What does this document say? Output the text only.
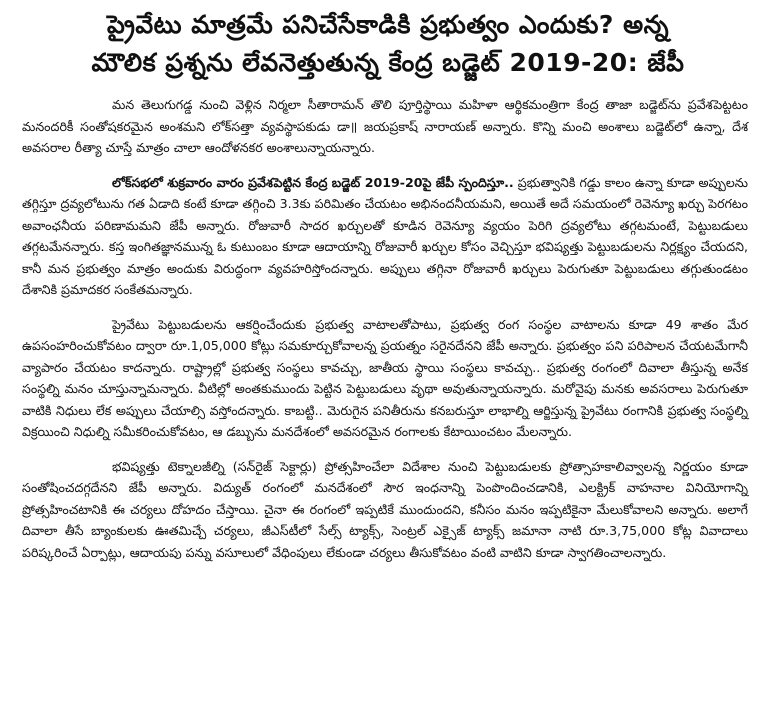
ప్రైవేటు మాత్రమే పనిచేసేకాడికి ప్రభుత్వం ఎందుకు? అన్న
మౌలిక ప్రశ్నను లేవనెత్తుతున్న కేంద్ర బడ్జెట్ 2019-20: జేపీ

మన తెలుగుగడ్డ నుంచి వెళ్లిన నిర్మలా సీతారామన్ తొలి పూర్తిస్థాయి మహిళా ఆర్థికమంత్రిగా కేంద్ర తాజా బడ్జెట్‌ను ప్రవేశపెట్టటం మనందరికీ సంతోషకరమైన అంశమని లోక్‌సత్తా వ్యవస్థాపకుడు డా॥ జయప్రకాష్ నారాయణ్ అన్నారు. కొన్ని మంచి అంశాలు బడ్జెట్‌లో ఉన్నా, దేశ అవసరాల రీత్యా చూస్తే మాత్రం చాలా ఆందోళనకర అంశాలున్నాయన్నారు.

లోక్‌సభలో శుక్రవారం వారం ప్రవేశపెట్టిన కేంద్ర బడ్జెట్ 2019-20పై జేపీ స్పందిస్తూ.. ప్రభుత్వానికి గడ్డు కాలం ఉన్నా కూడా అప్పులను తగ్గిస్తూ ద్రవ్యలోటును గత ఏడాది కంటే కూడా తగ్గించి 3.3కు పరిమితం చేయటం అభినందనీయమని, అయితే అదే సమయంలో రెవెన్యూ ఖర్చు పెరగటం అవాంఛనీయ పరిణామమని జేపీ అన్నారు. రోజువారీ సాదర ఖర్చులతో కూడిన రెవెన్యూ వ్యయం పెరిగి ద్రవ్యలోటు తగ్గటమంటే, పెట్టుబడులు తగ్గటమేనన్నారు. కస్త ఇంగితజ్ఞానమున్న ఓ కుటుంబం కూడా ఆదాయాన్ని రోజువారీ ఖర్చుల కోసం వెచ్చిస్తూ భవిష్యత్తు పెట్టుబడులను నిర్లక్ష్యం చేయదని, కానీ మన ప్రభుత్వం మాత్రం అందుకు విరుద్ధంగా వ్యవహరిస్తోందన్నారు. అప్పులు తగ్గినా రోజువారీ ఖర్చులు పెరుగుతూ పెట్టుబడులు తగ్గుతుండటం దేశానికి ప్రమాదకర సంకేతమన్నారు.

ప్రైవేటు పెట్టుబడులను ఆకర్షించేందుకు ప్రభుత్వ వాటాలతోపాటు, ప్రభుత్వ రంగ సంస్థల వాటాలను కూడా 49 శాతం మేర ఉపసంహరించుకోవటం ద్వారా రూ.1,05,000 కోట్లు సమకూర్చుకోవాలన్న ప్రయత్నం సరైనదేనని జేపీ అన్నారు. ప్రభుత్వం పని పరిపాలన చేయటమేగానీ వ్యాపారం చేయటం కాదన్నారు. రాష్ట్రాల్లో ప్రభుత్వ సంస్థలు కావచ్చు, జాతీయ స్థాయి సంస్థలు కావచ్చు.. ప్రభుత్వ రంగంలో దివాలా తీస్తున్న అనేక సంస్థల్ని మనం చూస్తున్నామన్నారు. వీటిల్లో అంతకుముందు పెట్టిన పెట్టుబడులు వృథా అవుతున్నాయన్నారు. మరోవైపు మనకు అవసరాలు పెరుగుతూ వాటికి నిధులు లేక అప్పులు చేయాల్సి వస్తోందన్నారు. కాబట్టి.. మెరుగైన పనితీరును కనబరుస్తూ లాభాల్ని ఆర్జిస్తున్న ప్రైవేటు రంగానికి ప్రభుత్వ సంస్థల్ని విక్రయించి నిధుల్ని సమీకరించుకోవటం, ఆ డబ్బును మనదేశంలో అవసరమైన రంగాలకు కేటాయించటం మేలన్నారు.

భవిష్యత్తు టెక్నాలజీల్ని (సన్‌రైజ్ సెక్టార్లు) ప్రోత్సహించేలా విదేశాల నుంచి పెట్టుబడులకు ప్రోత్సాహకాలివ్వాలన్న నిర్ణయం కూడా సంతోషించదగ్గదేనని జేపీ అన్నారు. విద్యుత్ రంగంలో మనదేశంలో సౌర ఇంధనాన్ని పెంపొందించడానికి, ఎలక్ట్రిక్ వాహనాల వినియోగాన్ని ప్రోత్సహించటానికి ఈ చర్యలు దోహదం చేస్తాయి. చైనా ఈ రంగంలో ఇప్పటికే ముందుందని, కనీసం మనం ఇప్పటికైనా మేలుకోవాలని అన్నారు. అలాగే దివాలా తీసే బ్యాంకులకు ఊతమిచ్చే చర్యలు, జీఎస్‌టీలో సేల్స్ ట్యాక్స్, సెంట్రల్ ఎక్సైజ్ ట్యాక్స్ జమానా నాటి రూ.3,75,000 కోట్ల వివాదాలు పరిష్కరించే ఏర్పాట్లు, ఆదాయపు పన్ను వసూలులో వేధింపులు లేకుండా చర్యలు తీసుకోవటం వంటి వాటిని కూడా స్వాగతించాలన్నారు.
